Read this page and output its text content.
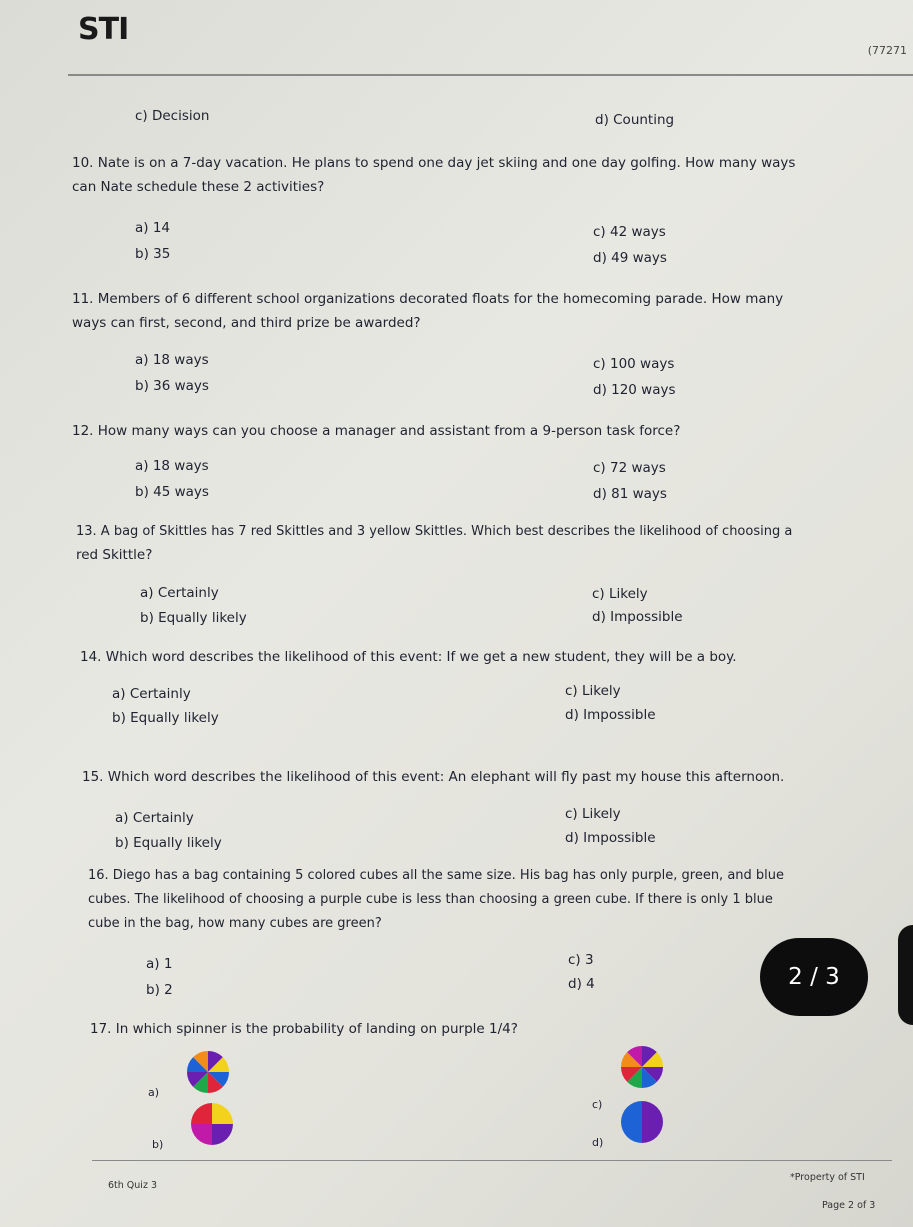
STI
(77271
c) Decision	d) Counting
10. Nate is on a 7-day vacation. He plans to spend one day jet skiing and one day golfing. How many ways
can Nate schedule these 2 activities?
a) 14
b) 35
c) 42 ways
d) 49 ways
11. Members of 6 different school organizations decorated floats for the homecoming parade. How many
ways can first, second, and third prize be awarded?
a) 18 ways
b) 36 ways
c) 100 ways
d) 120 ways
12. How many ways can you choose a manager and assistant from a 9-person task force?
a) 18 ways
b) 45 ways
c) 72 ways
d) 81 ways
13. A bag of Skittles has 7 red Skittles and 3 yellow Skittles. Which best describes the likelihood of choosing a
red Skittle?
a) Certainly
b) Equally likely
c) Likely
d) Impossible
14. Which word describes the likelihood of this event: If we get a new student, they will be a boy.
a) Certainly
b) Equally likely
c) Likely
d) Impossible
15. Which word describes the likelihood of this event: An elephant will fly past my house this afternoon.
a) Certainly
b) Equally likely
c) Likely
d) Impossible
16. Diego has a bag containing 5 colored cubes all the same size. His bag has only purple, green, and blue
cubes. The likelihood of choosing a purple cube is less than choosing a green cube. If there is only 1 blue
cube in the bag, how many cubes are green?
a) 1
b) 2
c) 3
d) 4	2 / 3
17. In which spinner is the probability of landing on purple 1/4?
a)
b)
c)
d)
6th Quiz 3
*Property of STI
Page 2 of 3
